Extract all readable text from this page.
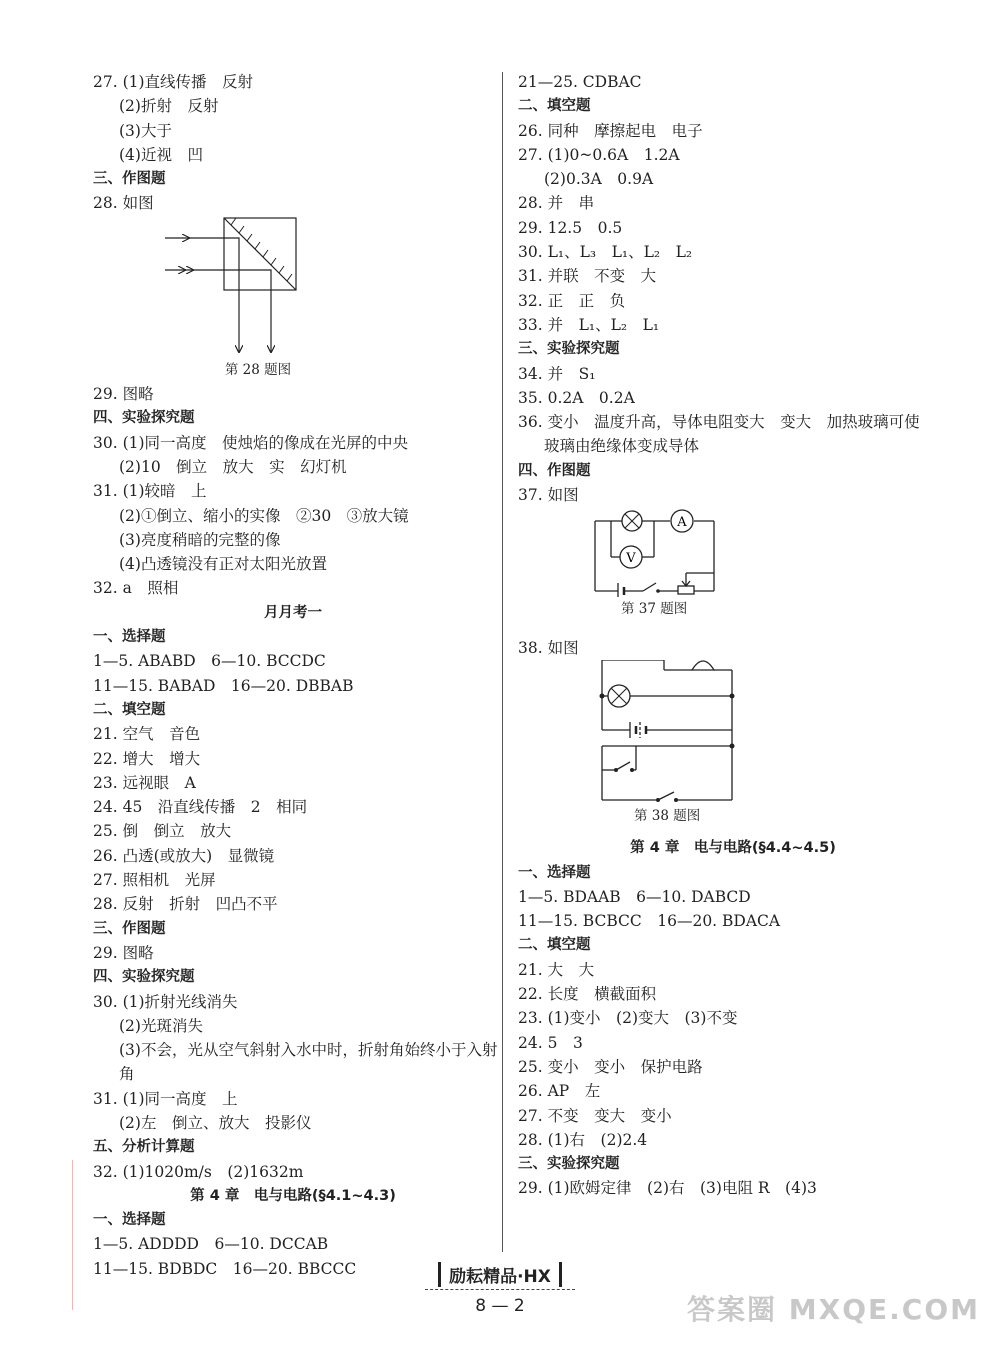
27. (1)直线传播　反射
(2)折射　反射
(3)大于
(4)近视　凹
三、作图题
28. 如图
第 28 题图
29. 图略
四、实验探究题
30. (1)同一高度　使烛焰的像成在光屏的中央
(2)10　倒立　放大　实　幻灯机
31. (1)较暗　上
(2)①倒立、缩小的实像　②30　③放大镜
(3)亮度稍暗的完整的像
(4)凸透镜没有正对太阳光放置
32. a　照相
月月考一
一、选择题
1—5. ABABD　6—10. BCCDC
11—15. BABAD　16—20. DBBAB
二、填空题
21. 空气　音色
22. 增大　增大
23. 远视眼　A
24. 45　沿直线传播　2　相同
25. 倒　倒立　放大
26. 凸透(或放大)　显微镜
27. 照相机　光屏
28. 反射　折射　凹凸不平
三、作图题
29. 图略
四、实验探究题
30. (1)折射光线消失
(2)光斑消失
(3)不会，光从空气斜射入水中时，折射角始终小于入射
角
31. (1)同一高度　上
(2)左　倒立、放大　投影仪
五、分析计算题
32. (1)1020m/s　(2)1632m
第 4 章　电与电路(§4.1~4.3)
一、选择题
1—5. ADDDD　6—10. DCCAB
11—15. BDBDC　16—20. BBCCC
21—25. CDBAC
二、填空题
26. 同种　摩擦起电　电子
27. (1)0~0.6A　1.2A
(2)0.3A　0.9A
28. 并　串
29. 12.5　0.5
30. L₁、L₃　L₁、L₂　L₂
31. 并联　不变　大
32. 正　正　负
33. 并　L₁、L₂　L₁
三、实验探究题
34. 并　S₁
35. 0.2A　0.2A
36. 变小　温度升高，导体电阻变大　变大　加热玻璃可使
玻璃由绝缘体变成导体
四、作图题
37. 如图
A
V
第 37 题图
38. 如图
第 38 题图
第 4 章　电与电路(§4.4~4.5)
一、选择题
1—5. BDAAB　6—10. DABCD
11—15. BCBCC　16—20. BDACA
二、填空题
21. 大　大
22. 长度　横截面积
23. (1)变小　(2)变大　(3)不变
24. 5　3
25. 变小　变小　保护电路
26. AP　左
27. 不变　变大　变小
28. (1)右　(2)2.4
三、实验探究题
29. (1)欧姆定律　(2)右　(3)电阻 R　(4)3
励耘精品·HX
8 — 2	答案圈 MXQE.COM
